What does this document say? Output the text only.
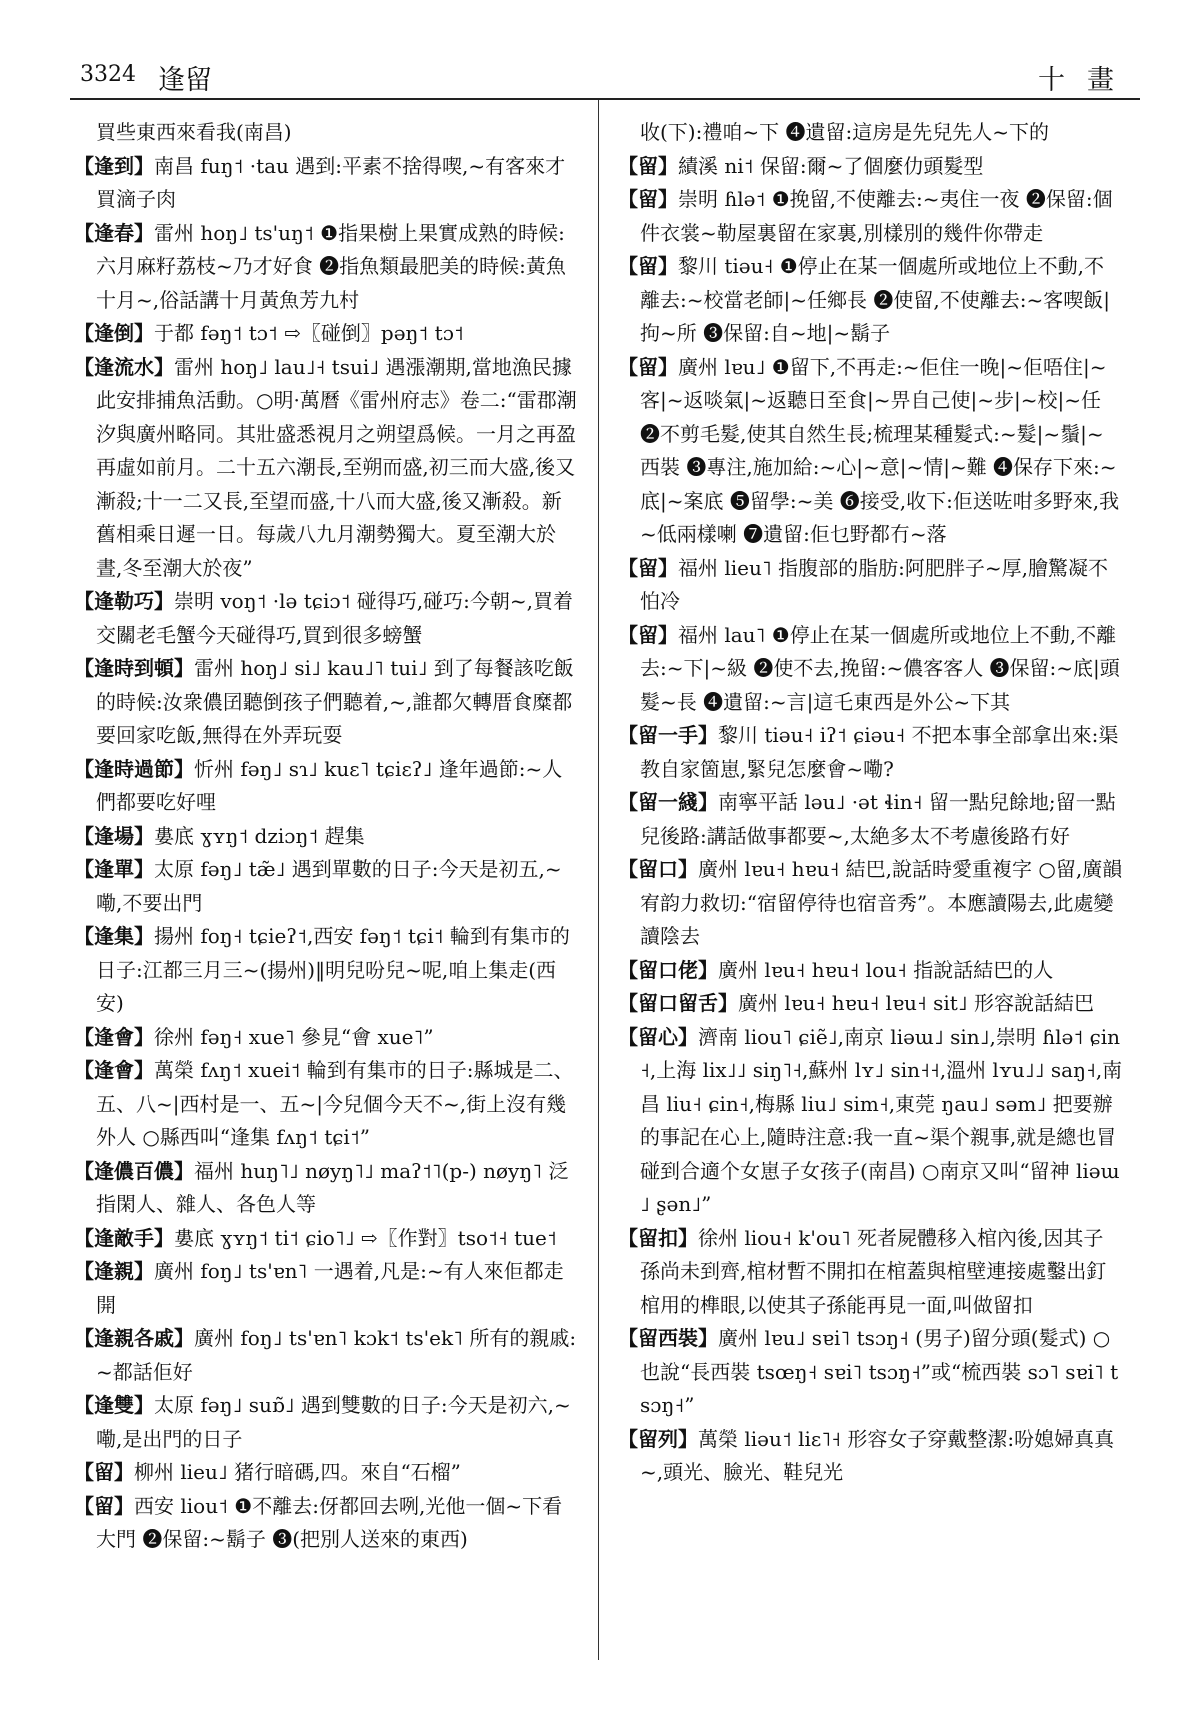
3324 逢留	十畫

買些東西來看我(南昌)

【逢到】南昌 fuŋ˦ ·tau 遇到:平素不捨得喫,~有客來才買滴子肉

【逢春】雷州 hoŋ˩ ts'uŋ˦ ❶指果樹上果實成熟的時候:六月麻籽荔枝~乃才好食 ❷指魚類最肥美的時候:黃魚十月~,俗話講十月黃魚芳九村

【逢倒】于都 fəŋ˦ tɔ˦ ⇨〖碰倒〗pəŋ˦ tɔ˦

【逢流水】雷州 hoŋ˩ lau˩˧ tsui˩ 遇漲潮期,當地漁民據此安排捕魚活動。○明·萬曆《雷州府志》卷二:“雷郡潮汐與廣州略同。其壯盛悉視月之朔望爲候。一月之再盈再虛如前月。二十五六潮長,至朔而盛,初三而大盛,後又漸殺;十一二又長,至望而盛,十八而大盛,後又漸殺。新舊相乘日遲一日。每歲八九月潮勢獨大。夏至潮大於晝,冬至潮大於夜”

【逢勒巧】崇明 voŋ˦ ·lə tɕiɔ˦ 碰得巧,碰巧:今朝~,買着交關老毛蟹今天碰得巧,買到很多螃蟹

【逢時到頓】雷州 hoŋ˩ si˩ kau˩˥ tui˩ 到了每餐該吃飯的時候:汝衆儂囝聽倒孩子們聽着,~,誰都欠轉厝食糜都要回家吃飯,無得在外弄玩耍

【逢時過節】忻州 fəŋ˩ sɿ˩ kuɛ˥ tɕiɛʔ˩ 逢年過節:~人們都要吃好哩

【逢場】婁底 ɣʏŋ˦ dziɔŋ˦ 趕集

【逢單】太原 fəŋ˩ tæ̃˩ 遇到單數的日子:今天是初五,~嘞,不要出門

【逢集】揚州 foŋ˧ tɕieʔ˦,西安 fəŋ˦ tɕi˦ 輪到有集市的日子:江都三月三~(揚州)‖明兒吩兒~呢,咱上集走(西安)

【逢會】徐州 fəŋ˧ xue˥ 參見“會 xue˥”

【逢會】萬榮 fʌŋ˦ xuei˦ 輪到有集市的日子:縣城是二、五、八~|西村是一、五~|今兒個今天不~,街上沒有幾外人 ○縣西叫“逢集 fʌŋ˦ tɕi˦”

【逢儂百儂】福州 huŋ˥˩ nøyŋ˥˩ maʔ˦˥(p-) nøyŋ˥ 泛指閑人、雜人、各色人等

【逢敵手】婁底 ɣʏŋ˦ ti˦ ɕio˥˩ ⇨〖作對〗tso˦˧ tue˦

【逢親】廣州 foŋ˩ ts'ɐn˥ 一遇着,凡是:~有人來佢都走開

【逢親各戚】廣州 foŋ˩ ts'ɐn˥ kɔk˦ ts'ek˥ 所有的親戚:~都話佢好

【逢雙】太原 fəŋ˩ suɒ̃˩ 遇到雙數的日子:今天是初六,~嘞,是出門的日子

【留】柳州 lieu˩ 猪行暗碼,四。來自“石榴”

【留】西安 liou˦ ❶不離去:伢都回去咧,光他一個~下看大門 ❷保留:~鬍子 ❸(把別人送來的東西)

收(下):禮咱~下 ❹遺留:這房是先兒先人~下的

【留】績溪 ni˦ 保留:爾~了個麼仂頭髮型

【留】崇明 ɦlə˦ ❶挽留,不使離去:~夷住一夜 ❷保留:個件衣裳~勒屋裏留在家裏,別樣別的幾件你帶走

【留】黎川 tiəu˧ ❶停止在某一個處所或地位上不動,不離去:~校當老師|~任鄉長 ❷使留,不使離去:~客喫飯|拘~所 ❸保留:自~地|~鬍子

【留】廣州 lɐu˩ ❶留下,不再走:~佢住一晚|~佢唔住|~客|~返啖氣|~返聽日至食|~畀自己使|~步|~校|~任 ❷不剪毛髮,使其自然生長;梳理某種髮式:~髮|~鬚|~西裝 ❸專注,施加給:~心|~意|~情|~難 ❹保存下來:~底|~案底 ❺留學:~美 ❻接受,收下:佢送咗咁多野來,我~低兩樣喇 ❼遺留:佢乜野都冇~落

【留】福州 lieu˥ 指腹部的脂肪:阿肥胖子~厚,膾驚凝不怕冷

【留】福州 lau˥ ❶停止在某一個處所或地位上不動,不離去:~下|~級 ❷使不去,挽留:~儂客客人 ❸保留:~底|頭髮~長 ❹遺留:~言|這乇東西是外公~下其

【留一手】黎川 tiəu˧ iʔ˦ ɕiəu˧ 不把本事全部拿出來:渠教自家箇崽,緊兒怎麼會~嘞?

【留一綫】南寧平話 ləu˩ ·ət ɬin˧ 留一點兒餘地;留一點兒後路:講話做事都要~,太絶多太不考慮後路冇好

【留口】廣州 lɐu˧ hɐu˧ 結巴,說話時愛重複字 ○留,廣韻宥韵力救切:“宿留停待也宿音秀”。本應讀陽去,此處變讀陰去

【留口佬】廣州 lɐu˧ hɐu˧ lou˧ 指說話結巴的人

【留口留舌】廣州 lɐu˧ hɐu˧ lɐu˧ sit˩ 形容說話結巴

【留心】濟南 liou˥ ɕiẽ˩,南京 liəɯ˩ sin˩,崇明 ɦlə˦ ɕin˧,上海 lix˩˩ siŋ˥˧,蘇州 lʏ˩ sin˧˧,溫州 lʏu˩˩ saŋ˧,南昌 liu˧ ɕin˧,梅縣 liu˩ sim˧,東莞 ŋau˩ səm˩ 把要辦的事記在心上,隨時注意:我一直~渠个親事,就是總也冒碰到合適个女崽子女孩子(南昌) ○南京又叫“留神 liəɯ˩ ʂən˩”

【留扣】徐州 liou˧ k'ou˥ 死者屍體移入棺內後,因其子孫尚未到齊,棺材暫不開扣在棺蓋與棺壁連接處鑿出釘棺用的榫眼,以使其子孫能再見一面,叫做留扣

【留西裝】廣州 lɐu˩ sɐi˥ tsɔŋ˧ (男子)留分頭(髮式) ○也說“長西裝 tsœŋ˧ sɐi˥ tsɔŋ˧”或“梳西裝 sɔ˥ sɐi˥ tsɔŋ˧”

【留列】萬榮 liəu˦ liɛ˥˧ 形容女子穿戴整潔:吩媳婦真真~,頭光、臉光、鞋兒光
